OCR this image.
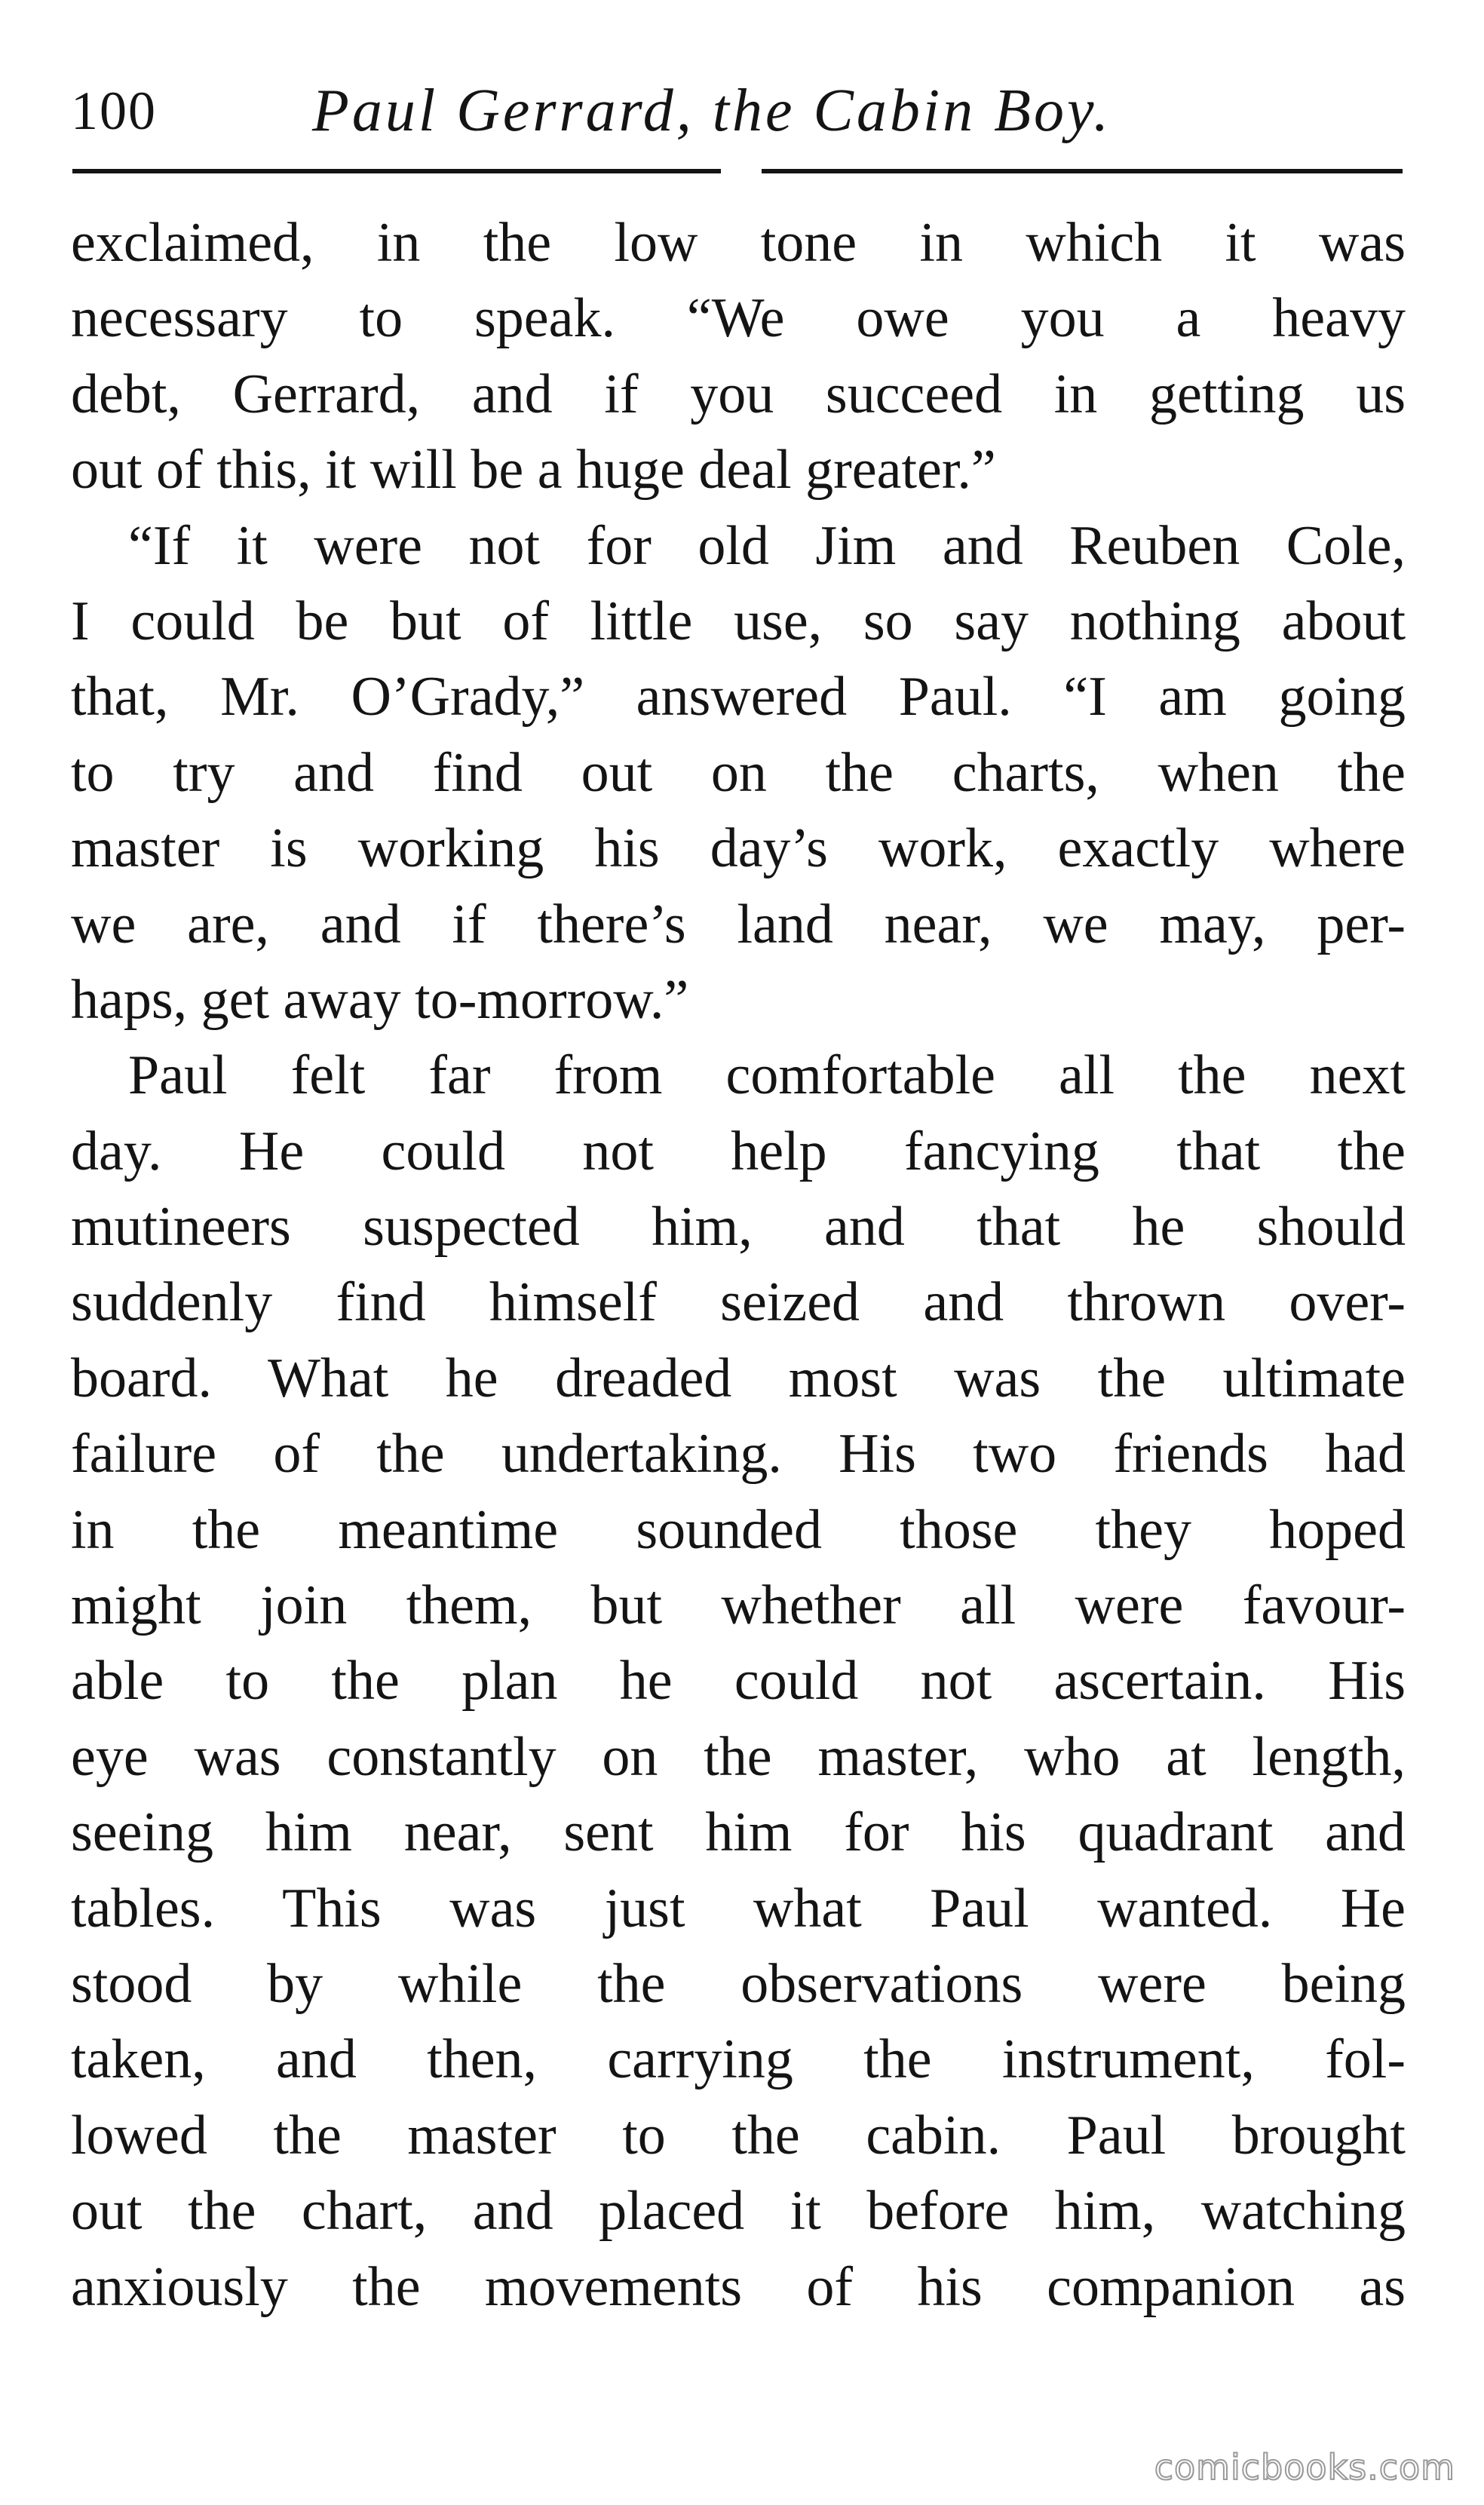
100	Paul Gerrard, the Cabin Boy.
exclaimed, in the low tone in which it was
necessary to speak. “We owe you a heavy
debt, Gerrard, and if you succeed in getting us
out of this, it will be a huge deal greater.”
“If it were not for old Jim and Reuben Cole,
I could be but of little use, so say nothing about
that, Mr. O’Grady,” answered Paul. “I am going
to try and find out on the charts, when the
master is working his day’s work, exactly where
we are, and if there’s land near, we may, per-
haps, get away to-morrow.”
Paul felt far from comfortable all the next
day. He could not help fancying that the
mutineers suspected him, and that he should
suddenly find himself seized and thrown over-
board. What he dreaded most was the ultimate
failure of the undertaking. His two friends had
in the meantime sounded those they hoped
might join them, but whether all were favour-
able to the plan he could not ascertain. His
eye was constantly on the master, who at length,
seeing him near, sent him for his quadrant and
tables. This was just what Paul wanted. He
stood by while the observations were being
taken, and then, carrying the instrument, fol-
lowed the master to the cabin. Paul brought
out the chart, and placed it before him, watching
anxiously the movements of his companion as
comicbooks.com
